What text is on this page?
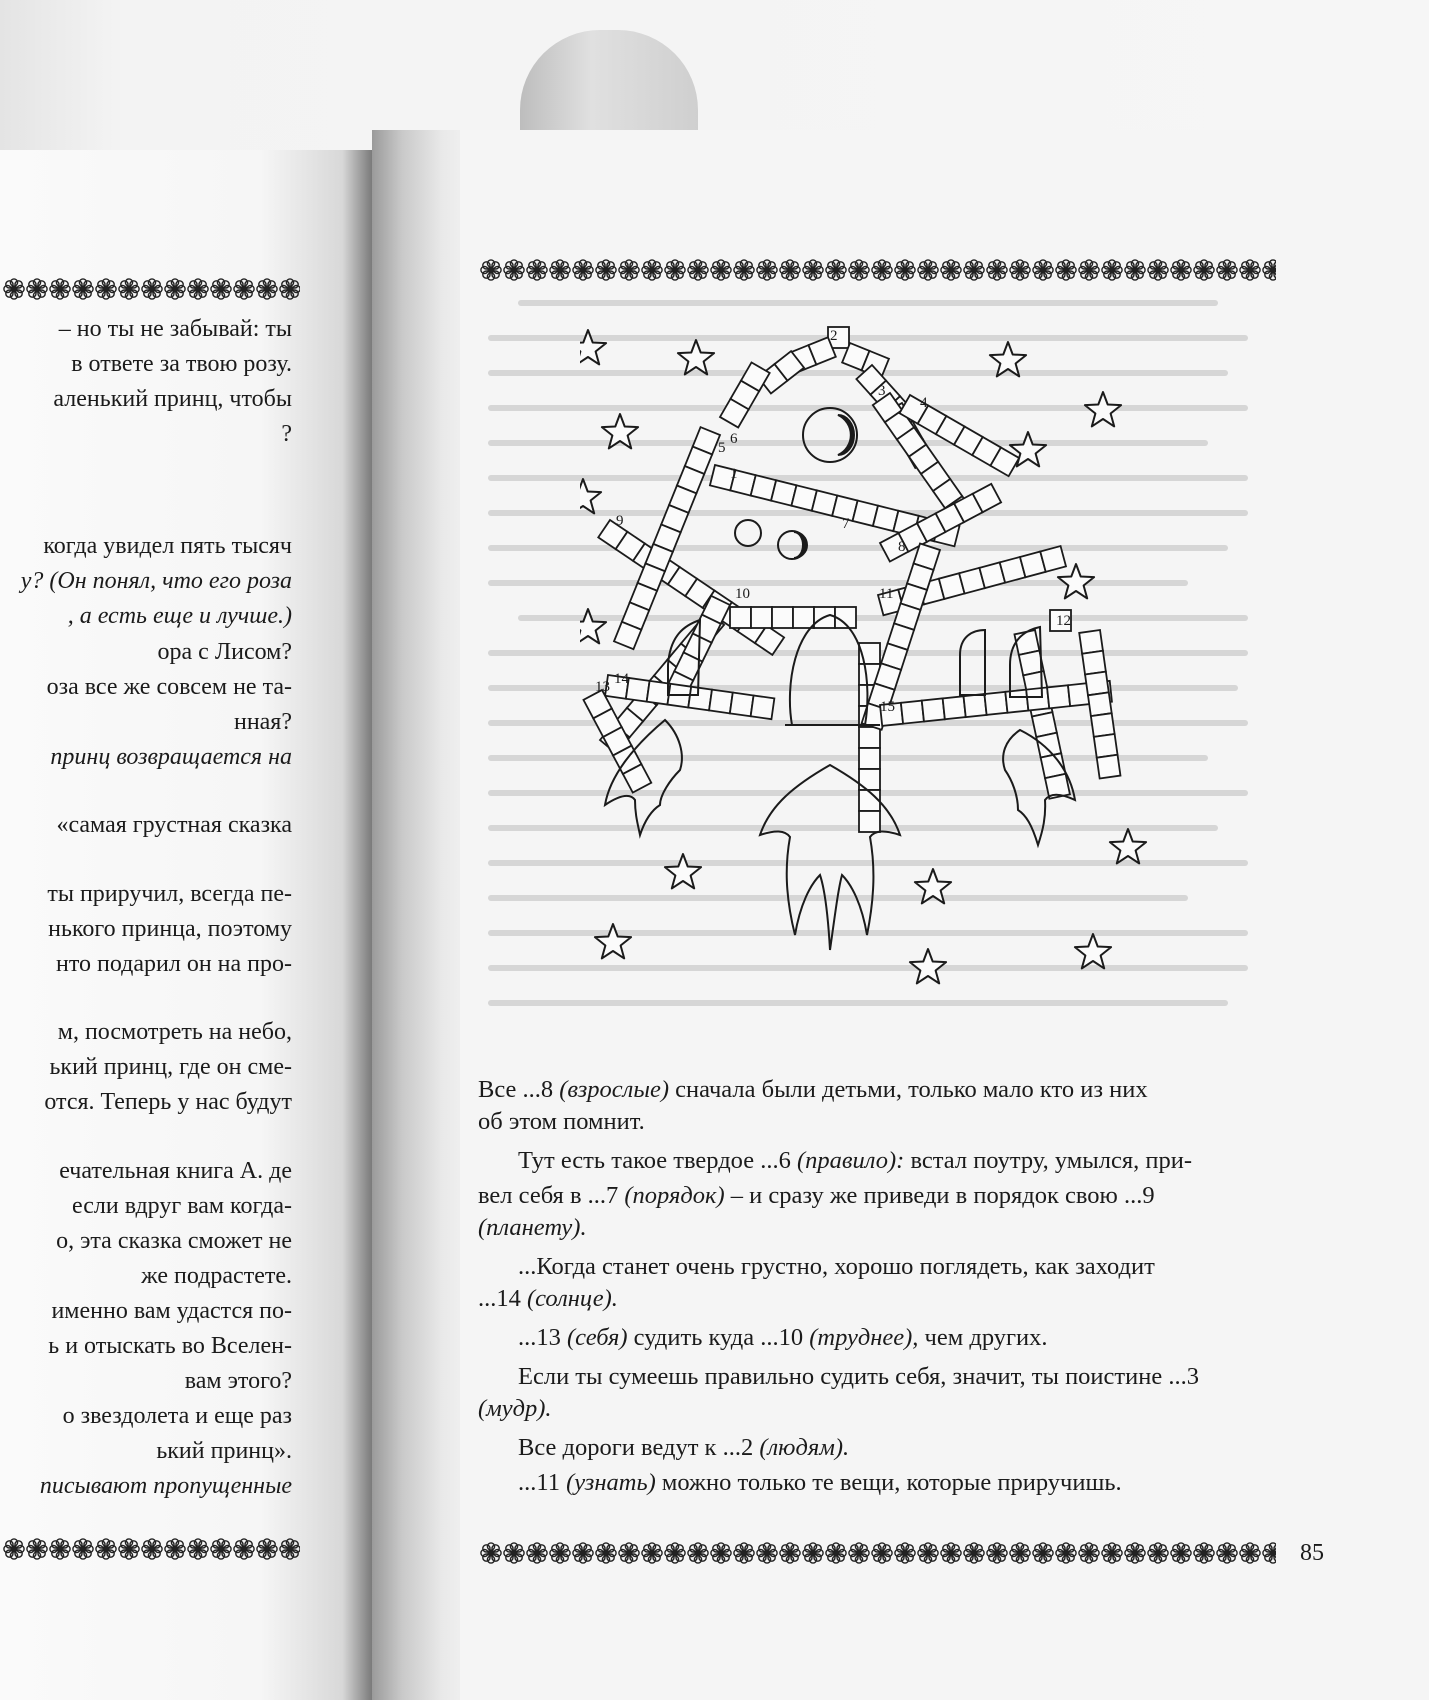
– но ты не забывай: ты
в ответе за твою розу.
аленький принц, чтобы
?
когда увидел пять тысяч
у? (Он понял, что его роза
, а есть еще и лучше.)
ора с Лисом?
оза все же совсем не та-
нная?
принц возвращается на
«самая грустная сказка
ты приручил, всегда пе-
нького принца, поэтому
нто подарил он на про-
м, посмотреть на небо,
ький принц, где он сме-
отся. Теперь у нас будут
ечательная книга А. де
если вдруг вам когда-
о, эта сказка сможет не
же подрастете.
именно вам удастся по-
ь и отыскать во Вселен-
вам этого?
о звездолета и еще раз
ький принц».
писывают пропущенные
2
3
4
5
6
1
7
8
9
10	11
12
13 14
15
Все ...8 (взрослые) сначала были детьми, только мало кто из них
об этом помнит.
Тут есть такое твердое ...6 (правило): встал поутру, умылся, при-
вел себя в ...7 (порядок) – и сразу же приведи в порядок свою ...9
(планету).
...Когда станет очень грустно, хорошо поглядеть, как заходит
...14 (солнце).
...13 (себя) судить куда ...10 (труднее), чем других.
Если ты сумеешь правильно судить себя, значит, ты поистине ...3
(мудр).
Все дороги ведут к ...2 (людям).
...11 (узнать) можно только те вещи, которые приручишь.
85
